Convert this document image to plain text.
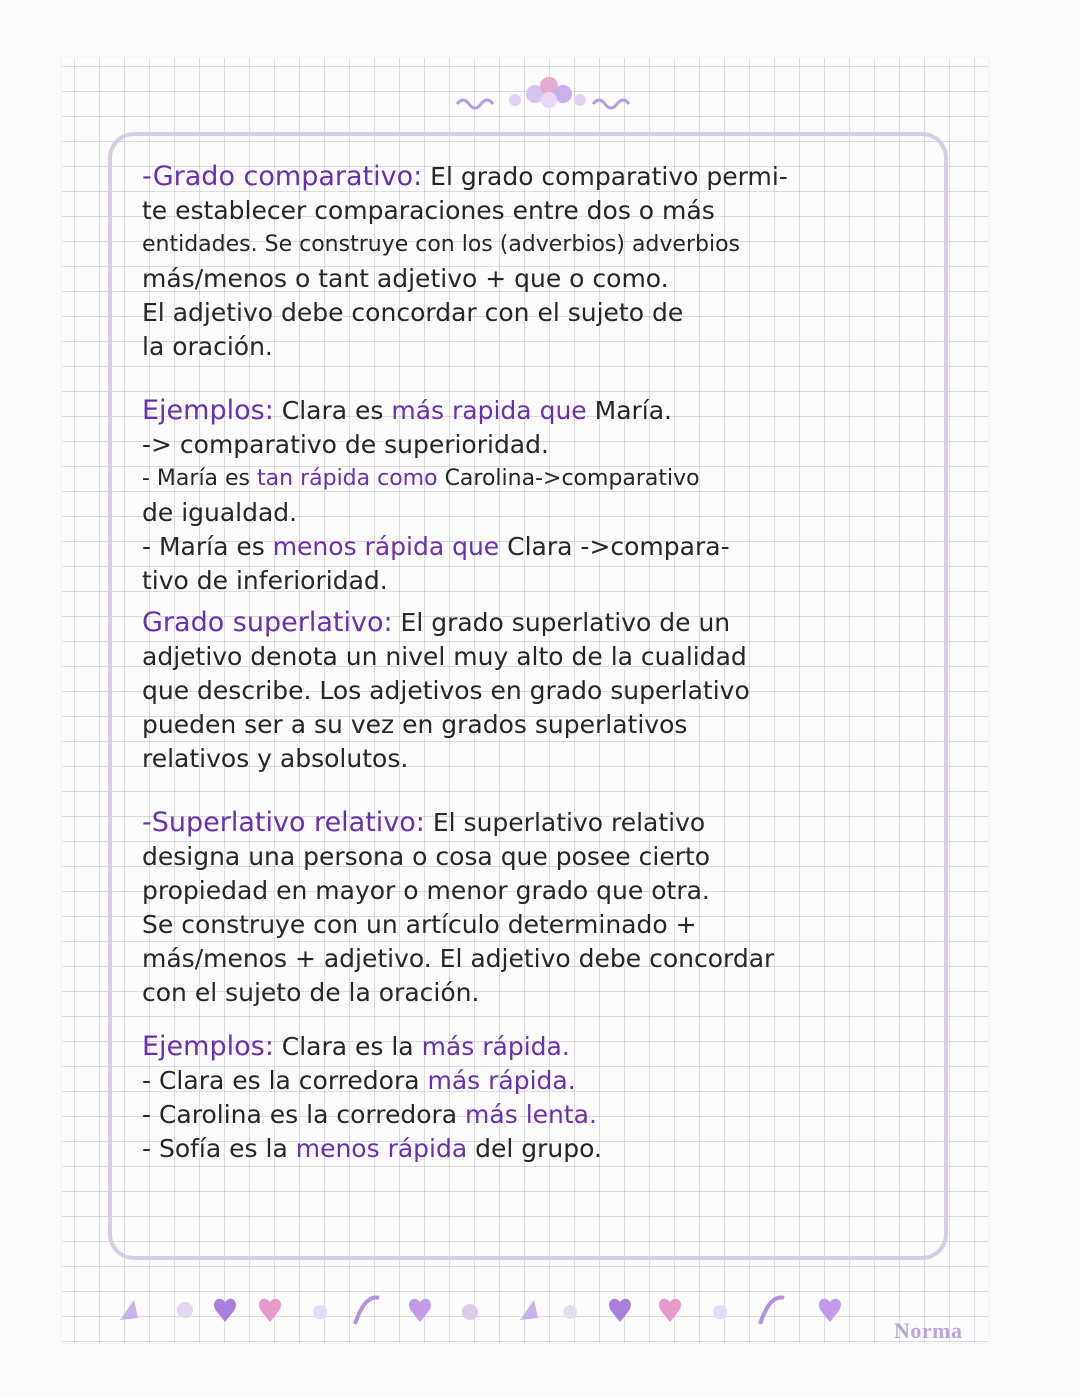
Norma

-Grado comparativo: El grado comparativo permi-

te establecer comparaciones entre dos o más

entidades. Se construye con los (adverbios) adverbios

más/menos o tant adjetivo + que o como.

El adjetivo debe concordar con el sujeto de

la oración.

Ejemplos: Clara es más rapida que María.

-> comparativo de superioridad.

- María es tan rápida como Carolina->comparativo

de igualdad.

- María es menos rápida que Clara ->compara-

tivo de inferioridad.

Grado superlativo: El grado superlativo de un

adjetivo denota un nivel muy alto de la cualidad

que describe. Los adjetivos en grado superlativo

pueden ser a su vez en grados superlativos

relativos y absolutos.

-Superlativo relativo: El superlativo relativo

designa una persona o cosa que posee cierto

propiedad en mayor o menor grado que otra.

Se construye con un artículo determinado +

más/menos + adjetivo. El adjetivo debe concordar

con el sujeto de la oración.

Ejemplos: Clara es la más rápida.

- Clara es la corredora más rápida.

- Carolina es la corredora más lenta.

- Sofía es la menos rápida del grupo.
